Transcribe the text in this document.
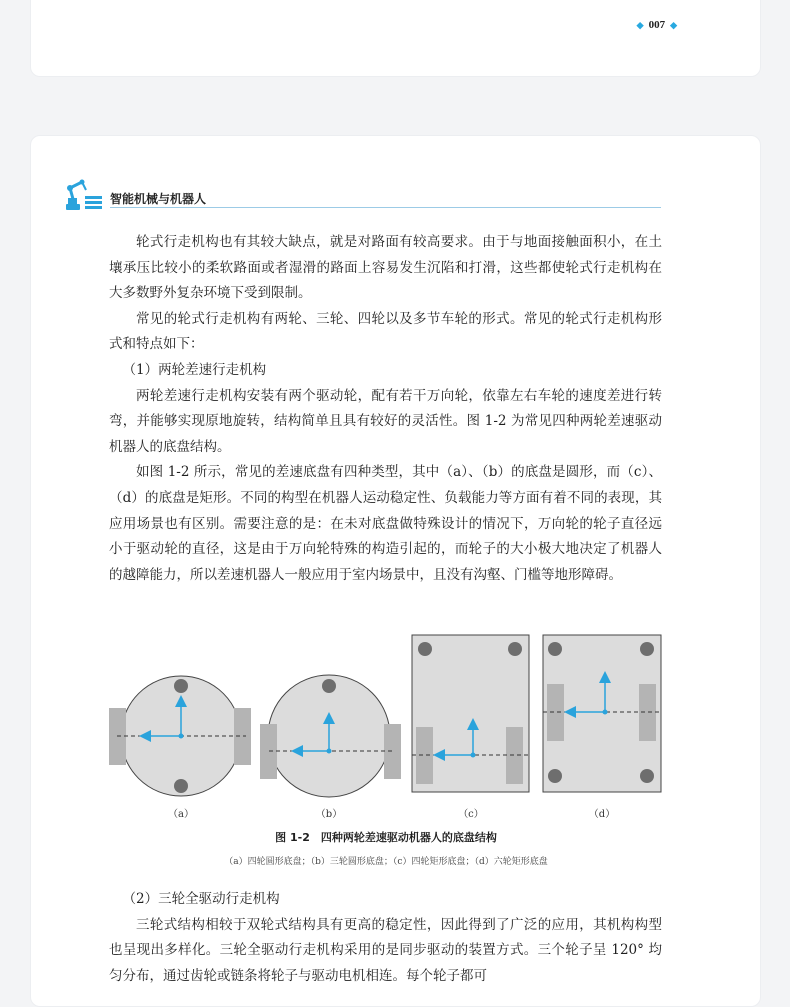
◆ 007 ◆
智能机械与机器人

轮式行走机构也有其较大缺点，就是对路面有较高要求。由于与地面接触面积小，在土壤承压比较小的柔软路面或者湿滑的路面上容易发生沉陷和打滑，这些都使轮式行走机构在大多数野外复杂环境下受到限制。

常见的轮式行走机构有两轮、三轮、四轮以及多节车轮的形式。常见的轮式行走机构形式和特点如下：

（1）两轮差速行走机构

两轮差速行走机构安装有两个驱动轮，配有若干万向轮，依靠左右车轮的速度差进行转弯，并能够实现原地旋转，结构简单且具有较好的灵活性。图 1-2 为常见四种两轮差速驱动机器人的底盘结构。

如图 1-2 所示，常见的差速底盘有四种类型，其中（a）、（b）的底盘是圆形，而（c）、（d）的底盘是矩形。不同的构型在机器人运动稳定性、负载能力等方面有着不同的表现，其应用场景也有区别。需要注意的是：在未对底盘做特殊设计的情况下，万向轮的轮子直径远小于驱动轮的直径，这是由于万向轮特殊的构造引起的，而轮子的大小极大地决定了机器人的越障能力，所以差速机器人一般应用于室内场景中，且没有沟壑、门槛等地形障碍。

（a）	（b）	（c）	（d）
图 1-2　四种两轮差速驱动机器人的底盘结构
（a）四轮圆形底盘；（b）三轮圆形底盘；（c）四轮矩形底盘；（d）六轮矩形底盘

（2）三轮全驱动行走机构

三轮式结构相较于双轮式结构具有更高的稳定性，因此得到了广泛的应用，其机构构型也呈现出多样化。三轮全驱动行走机构采用的是同步驱动的装置方式。三个轮子呈 120° 均匀分布，通过齿轮或链条将轮子与驱动电机相连。每个轮子都可
